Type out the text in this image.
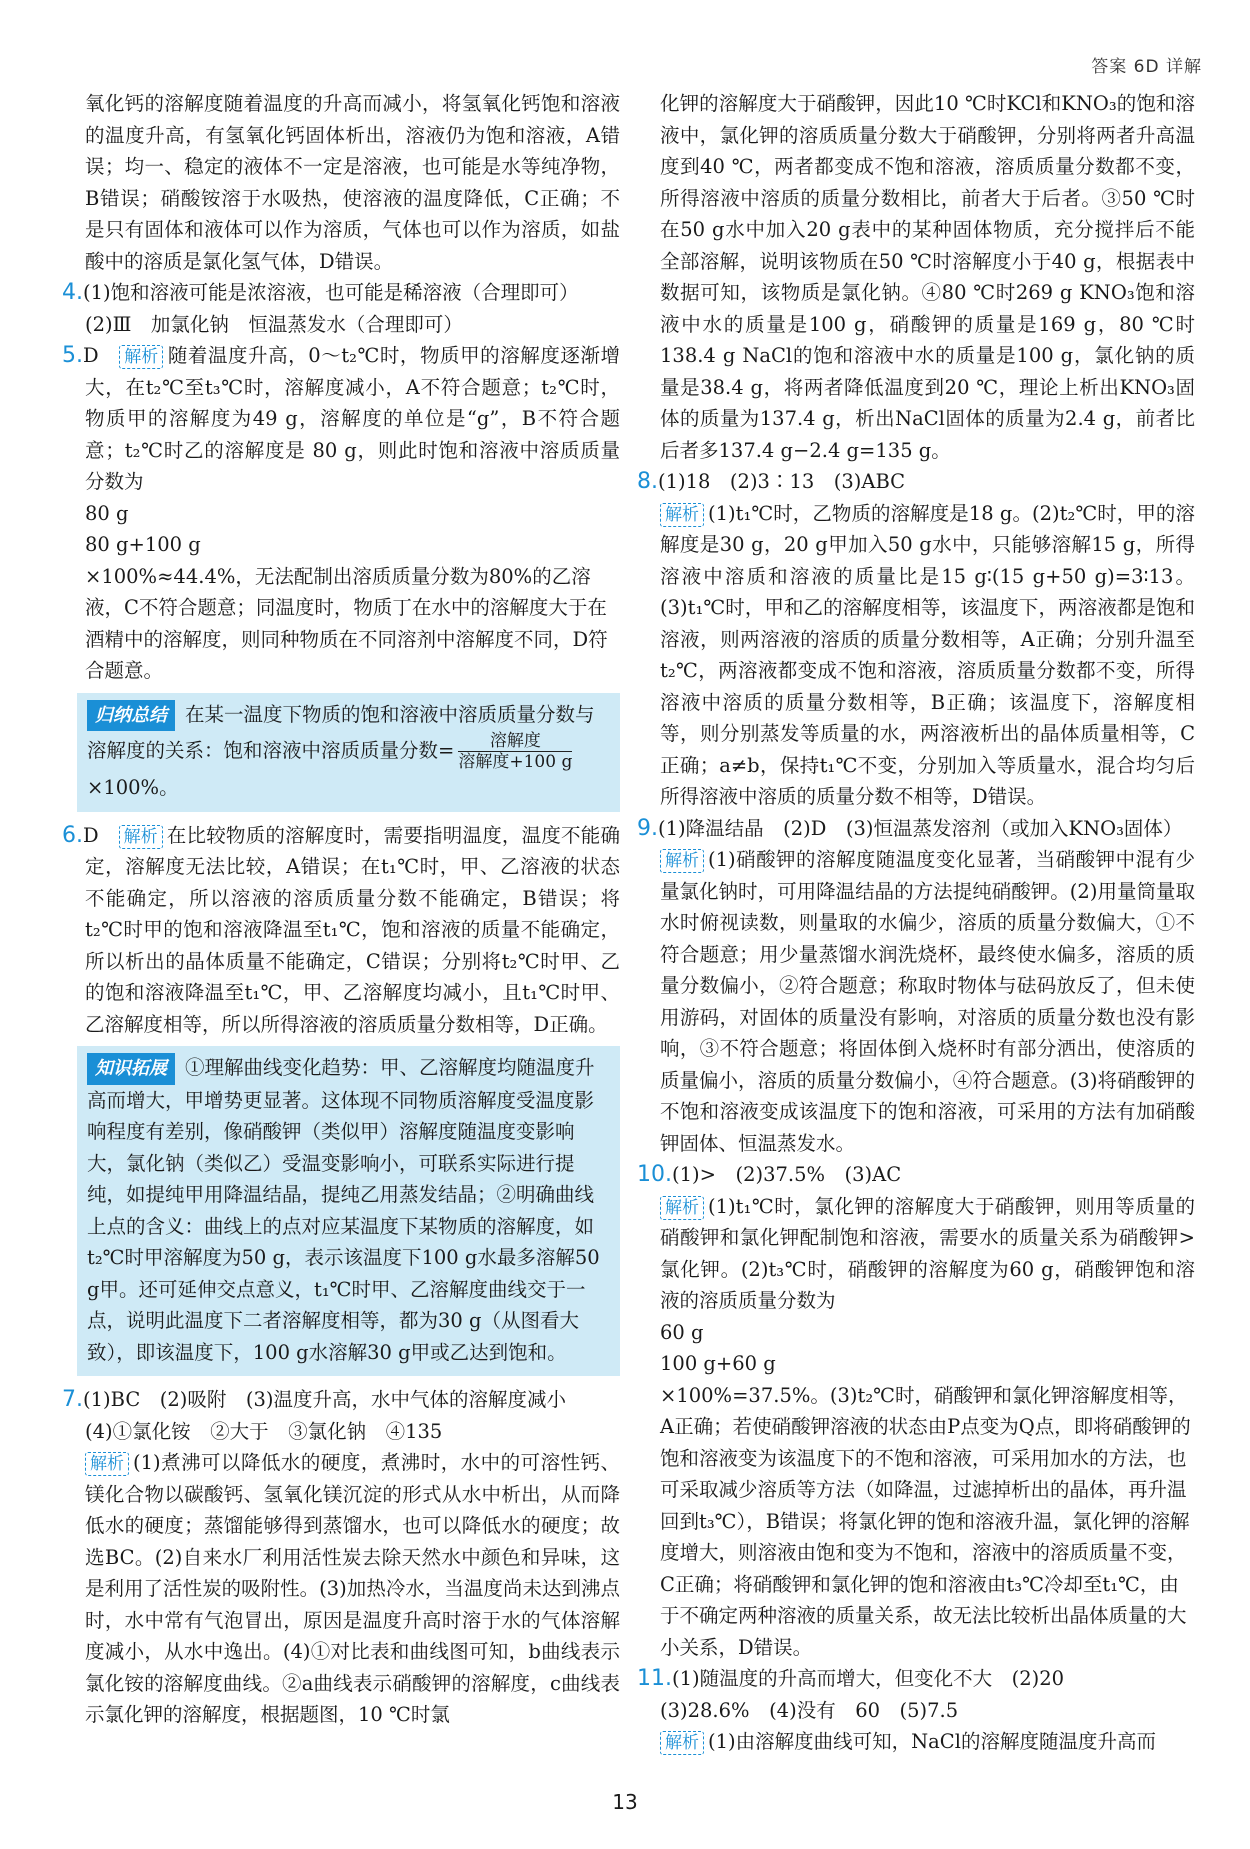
答案 6D 详解

氧化钙的溶解度随着温度的升高而减小，将氢氧化钙饱和溶液的温度升高，有氢氧化钙固体析出，溶液仍为饱和溶液，A错误；均一、稳定的液体不一定是溶液，也可能是水等纯净物，B错误；硝酸铵溶于水吸热，使溶液的温度降低，C正确；不是只有固体和液体可以作为溶质，气体也可以作为溶质，如盐酸中的溶质是氯化氢气体，D错误。

4.(1)饱和溶液可能是浓溶液，也可能是稀溶液（合理即可）

(2)Ⅲ　加氯化钠　恒温蒸发水（合理即可）

5.D　 解析 随着温度升高，0～t₂℃时，物质甲的溶解度逐渐增大，在t₂℃至t₃℃时，溶解度减小，A不符合题意；t₂℃时，物质甲的溶解度为49 g，溶解度的单位是“g”，B不符合题意；t₂℃时乙的溶解度是 80 g，则此时饱和溶液中溶质质量分数为

80 g
80 g+100 g
×100%≈44.4%，无法配制出溶质质量分数为80%的乙溶液，C不符合题意；同温度时，物质丁在水中的溶解度大于在酒精中的溶解度，则同种物质在不同溶剂中溶解度不同，D符合题意。

归纳总结 在某一温度下物质的饱和溶液中溶质质量分数与溶解度的关系：饱和溶液中溶质质量分数= $\frac{\text{溶解度}}{\text{溶解度+100 g}}$
×100%。

6.D　 解析 在比较物质的溶解度时，需要指明温度，温度不能确定，溶解度无法比较，A错误；在t₁℃时，甲、乙溶液的状态不能确定，所以溶液的溶质质量分数不能确定，B错误；将t₂℃时甲的饱和溶液降温至t₁℃，饱和溶液的质量不能确定，所以析出的晶体质量不能确定，C错误；分别将t₂℃时甲、乙的饱和溶液降温至t₁℃，甲、乙溶解度均减小，且t₁℃时甲、乙溶解度相等，所以所得溶液的溶质质量分数相等，D正确。

知识拓展 ①理解曲线变化趋势：甲、乙溶解度均随温度升高而增大，甲增势更显著。这体现不同物质溶解度受温度影响程度有差别，像硝酸钾（类似甲）溶解度随温度变影响大，氯化钠（类似乙）受温变影响小，可联系实际进行提纯，如提纯甲用降温结晶，提纯乙用蒸发结晶；②明确曲线上点的含义：曲线上的点对应某温度下某物质的溶解度，如t₂℃时甲溶解度为50 g，表示该温度下100 g水最多溶解50 g甲。还可延伸交点意义，t₁℃时甲、乙溶解度曲线交于一点，说明此温度下二者溶解度相等，都为30 g（从图看大致），即该温度下，100 g水溶解30 g甲或乙达到饱和。

7.(1)BC　(2)吸附　(3)温度升高，水中气体的溶解度减小

(4)①氯化铵　②大于　③氯化钠　④135

解析 (1)煮沸可以降低水的硬度，煮沸时，水中的可溶性钙、镁化合物以碳酸钙、氢氧化镁沉淀的形式从水中析出，从而降低水的硬度；蒸馏能够得到蒸馏水，也可以降低水的硬度；故选BC。(2)自来水厂利用活性炭去除天然水中颜色和异味，这是利用了活性炭的吸附性。(3)加热冷水，当温度尚未达到沸点时，水中常有气泡冒出，原因是温度升高时溶于水的气体溶解度减小，从水中逸出。(4)①对比表和曲线图可知，b曲线表示氯化铵的溶解度曲线。②a曲线表示硝酸钾的溶解度，c曲线表示氯化钾的溶解度，根据题图，10 ℃时氯

化钾的溶解度大于硝酸钾，因此10 ℃时KCl和KNO₃的饱和溶液中，氯化钾的溶质质量分数大于硝酸钾，分别将两者升高温度到40 ℃，两者都变成不饱和溶液，溶质质量分数都不变，所得溶液中溶质的质量分数相比，前者大于后者。③50 ℃时在50 g水中加入20 g表中的某种固体物质，充分搅拌后不能全部溶解，说明该物质在50 ℃时溶解度小于40 g，根据表中数据可知，该物质是氯化钠。④80 ℃时269 g KNO₃饱和溶液中水的质量是100 g，硝酸钾的质量是169 g，80 ℃时138.4 g NaCl的饱和溶液中水的质量是100 g，氯化钠的质量是38.4 g，将两者降低温度到20 ℃，理论上析出KNO₃固体的质量为137.4 g，析出NaCl固体的质量为2.4 g，前者比后者多137.4 g−2.4 g=135 g。

8.(1)18　(2)3∶13　(3)ABC

解析 (1)t₁℃时，乙物质的溶解度是18 g。(2)t₂℃时，甲的溶解度是30 g，20 g甲加入50 g水中，只能够溶解15 g，所得溶液中溶质和溶液的质量比是15 g∶(15 g+50 g)=3∶13。(3)t₁℃时，甲和乙的溶解度相等，该温度下，两溶液都是饱和溶液，则两溶液的溶质的质量分数相等，A正确；分别升温至t₂℃，两溶液都变成不饱和溶液，溶质质量分数都不变，所得溶液中溶质的质量分数相等，B正确；该温度下，溶解度相等，则分别蒸发等质量的水，两溶液析出的晶体质量相等，C正确；a≠b，保持t₁℃不变，分别加入等质量水，混合均匀后所得溶液中溶质的质量分数不相等，D错误。

9.(1)降温结晶　(2)D　(3)恒温蒸发溶剂（或加入KNO₃固体）

解析 (1)硝酸钾的溶解度随温度变化显著，当硝酸钾中混有少量氯化钠时，可用降温结晶的方法提纯硝酸钾。(2)用量筒量取水时俯视读数，则量取的水偏少，溶质的质量分数偏大，①不符合题意；用少量蒸馏水润洗烧杯，最终使水偏多，溶质的质量分数偏小，②符合题意；称取时物体与砝码放反了，但未使用游码，对固体的质量没有影响，对溶质的质量分数也没有影响，③不符合题意；将固体倒入烧杯时有部分洒出，使溶质的质量偏小，溶质的质量分数偏小，④符合题意。(3)将硝酸钾的不饱和溶液变成该温度下的饱和溶液，可采用的方法有加硝酸钾固体、恒温蒸发水。

10.(1)>　(2)37.5%　(3)AC

解析 (1)t₁℃时，氯化钾的溶解度大于硝酸钾，则用等质量的硝酸钾和氯化钾配制饱和溶液，需要水的质量关系为硝酸钾>氯化钾。(2)t₃℃时，硝酸钾的溶解度为60 g，硝酸钾饱和溶液的溶质质量分数为

60 g
100 g+60 g
×100%=37.5%。(3)t₂℃时，硝酸钾和氯化钾溶解度相等，A正确；若使硝酸钾溶液的状态由P点变为Q点，即将硝酸钾的饱和溶液变为该温度下的不饱和溶液，可采用加水的方法，也可采取减少溶质等方法（如降温，过滤掉析出的晶体，再升温回到t₃℃），B错误；将氯化钾的饱和溶液升温，氯化钾的溶解度增大，则溶液由饱和变为不饱和，溶液中的溶质质量不变，C正确；将硝酸钾和氯化钾的饱和溶液由t₃℃冷却至t₁℃，由于不确定两种溶液的质量关系，故无法比较析出晶体质量的大小关系，D错误。

11.(1)随温度的升高而增大，但变化不大　(2)20

(3)28.6%　(4)没有　60　(5)7.5

解析 (1)由溶解度曲线可知，NaCl的溶解度随温度升高而

13
